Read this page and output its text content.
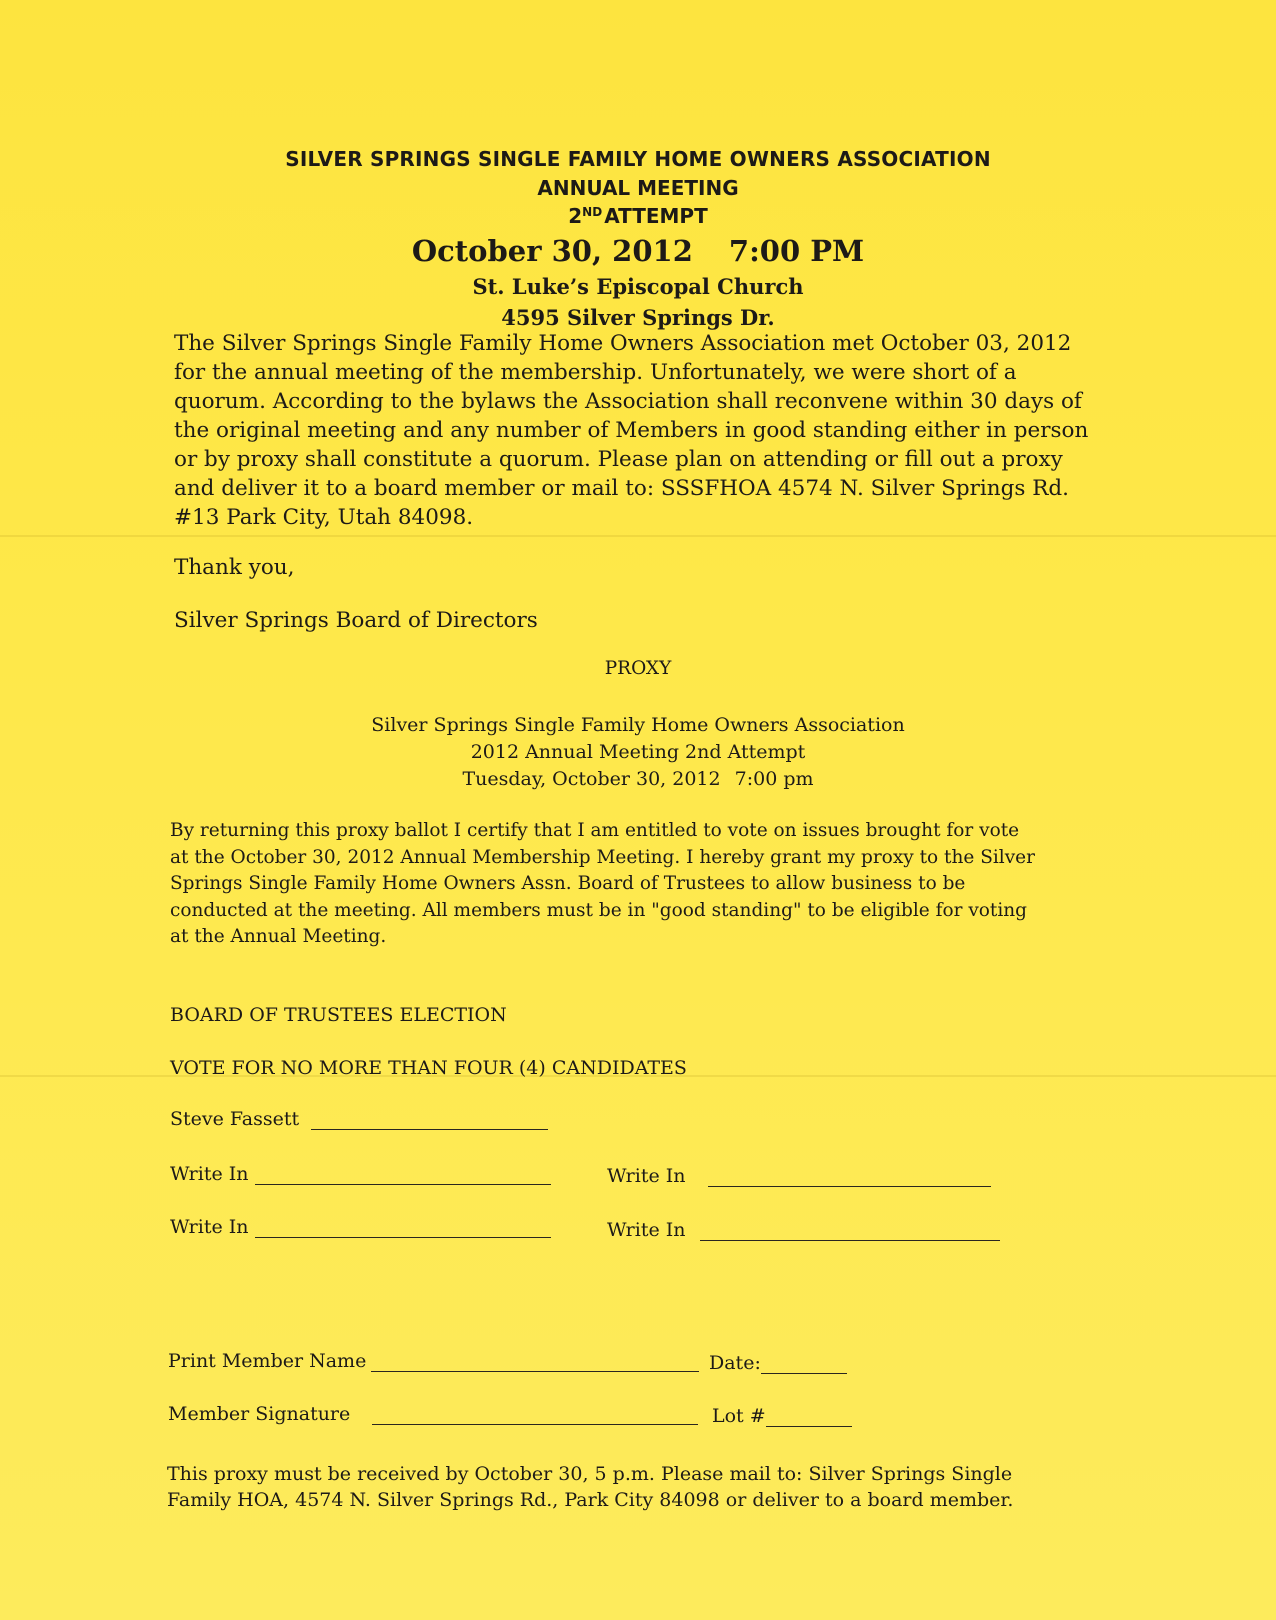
SILVER SPRINGS SINGLE FAMILY HOME OWNERS ASSOCIATION
ANNUAL MEETING
2ND ATTEMPT
October 30, 2012 7:00 PM
St. Luke’s Episcopal Church
4595 Silver Springs Dr.

The Silver Springs Single Family Home Owners Association met October 03, 2012

for the annual meeting of the membership. Unfortunately, we were short of a

quorum. According to the bylaws the Association shall reconvene within 30 days of

the original meeting and any number of Members in good standing either in person

or by proxy shall constitute a quorum. Please plan on attending or fill out a proxy

and deliver it to a board member or mail to: SSSFHOA 4574 N. Silver Springs Rd.

#13 Park City, Utah 84098.

Thank you,
Silver Springs Board of Directors
PROXY

Silver Springs Single Family Home Owners Association

2012 Annual Meeting 2nd Attempt

Tuesday, October 30, 2012 7:00 pm

By returning this proxy ballot I certify that I am entitled to vote on issues brought for vote

at the October 30, 2012 Annual Membership Meeting. I hereby grant my proxy to the Silver

Springs Single Family Home Owners Assn. Board of Trustees to allow business to be

conducted at the meeting. All members must be in "good standing" to be eligible for voting

at the Annual Meeting.

BOARD OF TRUSTEES ELECTION
VOTE FOR NO MORE THAN FOUR (4) CANDIDATES
Steve Fassett
Write In	Write In
Write In	Write In
Print Member Name	Date:
Member Signature	Lot #

This proxy must be received by October 30, 5 p.m. Please mail to: Silver Springs Single

Family HOA, 4574 N. Silver Springs Rd., Park City 84098 or deliver to a board member.
